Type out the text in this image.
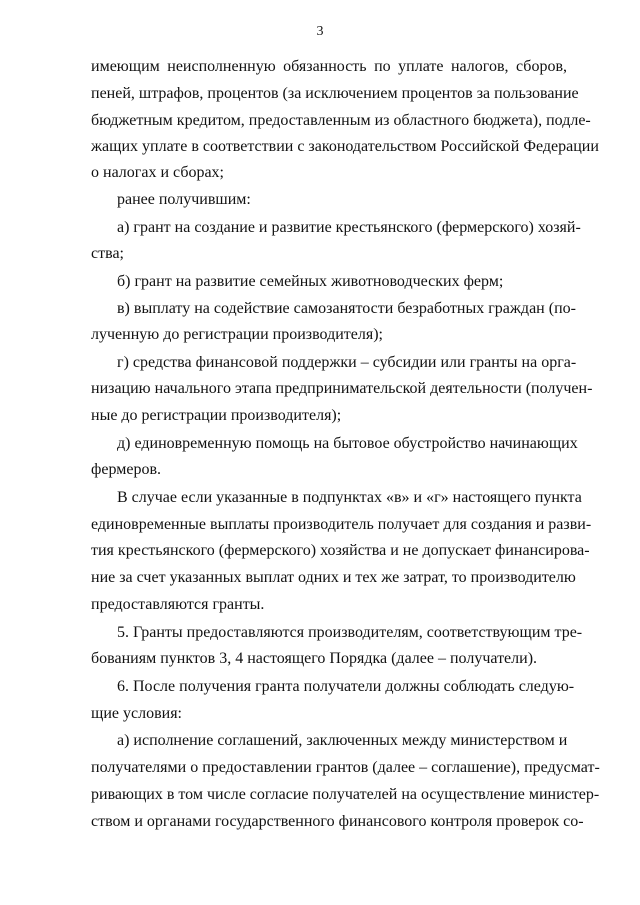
3
имеющим неисполненную обязанность по уплате налогов, сборов,
пеней, штрафов, процентов (за исключением процентов за пользование
бюджетным кредитом, предоставленным из областного бюджета), подле-
жащих уплате в соответствии с законодательством Российской Федерации
о налогах и сборах;
ранее получившим:
а) грант на создание и развитие крестьянского (фермерского) хозяй-
ства;
б) грант на развитие семейных животноводческих ферм;
в) выплату на содействие самозанятости безработных граждан (по-
лученную до регистрации производителя);
г) средства финансовой поддержки – субсидии или гранты на орга-
низацию начального этапа предпринимательской деятельности (получен-
ные до регистрации производителя);
д) единовременную помощь на бытовое обустройство начинающих
фермеров.
В случае если указанные в подпунктах «в» и «г» настоящего пункта
единовременные выплаты производитель получает для создания и разви-
тия крестьянского (фермерского) хозяйства и не допускает финансирова-
ние за счет указанных выплат одних и тех же затрат, то производителю
предоставляются гранты.
5. Гранты предоставляются производителям, соответствующим тре-
бованиям пунктов 3, 4 настоящего Порядка (далее – получатели).
6. После получения гранта получатели должны соблюдать следую-
щие условия:
а) исполнение соглашений, заключенных между министерством и
получателями о предоставлении грантов (далее – соглашение), предусмат-
ривающих в том числе согласие получателей на осуществление министер-
ством и органами государственного финансового контроля проверок со-
